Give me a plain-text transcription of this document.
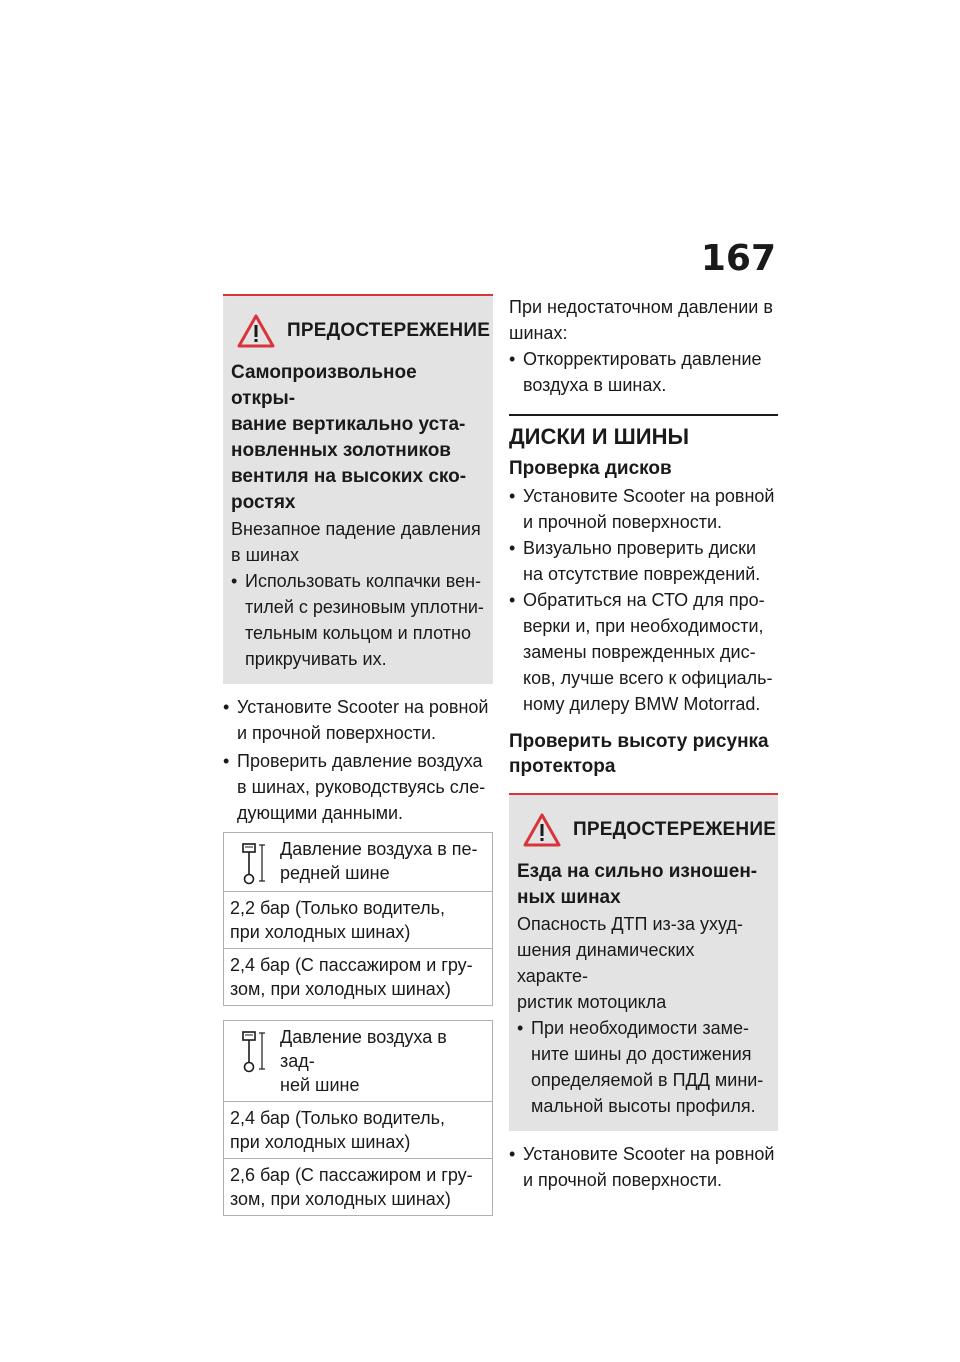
167
ПРЕДОСТЕРЕЖЕНИЕ

Самопроизвольное откры-

вание вертикально уста-

новленных золотников

вентиля на высоких ско-

ростях

Внезапное падение давления

в шинах

• Использовать колпачки вен-
тилей с резиновым уплотни-
тельным кольцом и плотно
прикручивать их.
• Установите Scooter на ровной
и прочной поверхности.
• Проверить давление воздуха
в шинах, руководствуясь сле-
дующими данными.
Давление воздуха в пе-
редней шине

2,2 бар (Только водитель,
при холодных шинах)

2,4 бар (С пассажиром и гру-
зом, при холодных шинах)
Давление воздуха в зад-
ней шине

2,4 бар (Только водитель,
при холодных шинах)

2,6 бар (С пассажиром и гру-
зом, при холодных шинах)

При недостаточном давлении в

шинах:

• Откорректировать давление
воздуха в шинах.
ДИСКИ И ШИНЫ
Проверка дисков
• Установите Scooter на ровной
и прочной поверхности.
• Визуально проверить диски
на отсутствие повреждений.
• Обратиться на СТО для про-
верки и, при необходимости,
замены поврежденных дис-
ков, лучше всего к официаль-
ному дилеру BMW Motorrad.
Проверить высоту рисунка
протектора
ПРЕДОСТЕРЕЖЕНИЕ

Езда на сильно изношен-

ных шинах

Опасность ДТП из-за ухуд-

шения динамических характе-

ристик мотоцикла

• При необходимости заме-
ните шины до достижения
определяемой в ПДД мини-
мальной высоты профиля.
• Установите Scooter на ровной
и прочной поверхности.
